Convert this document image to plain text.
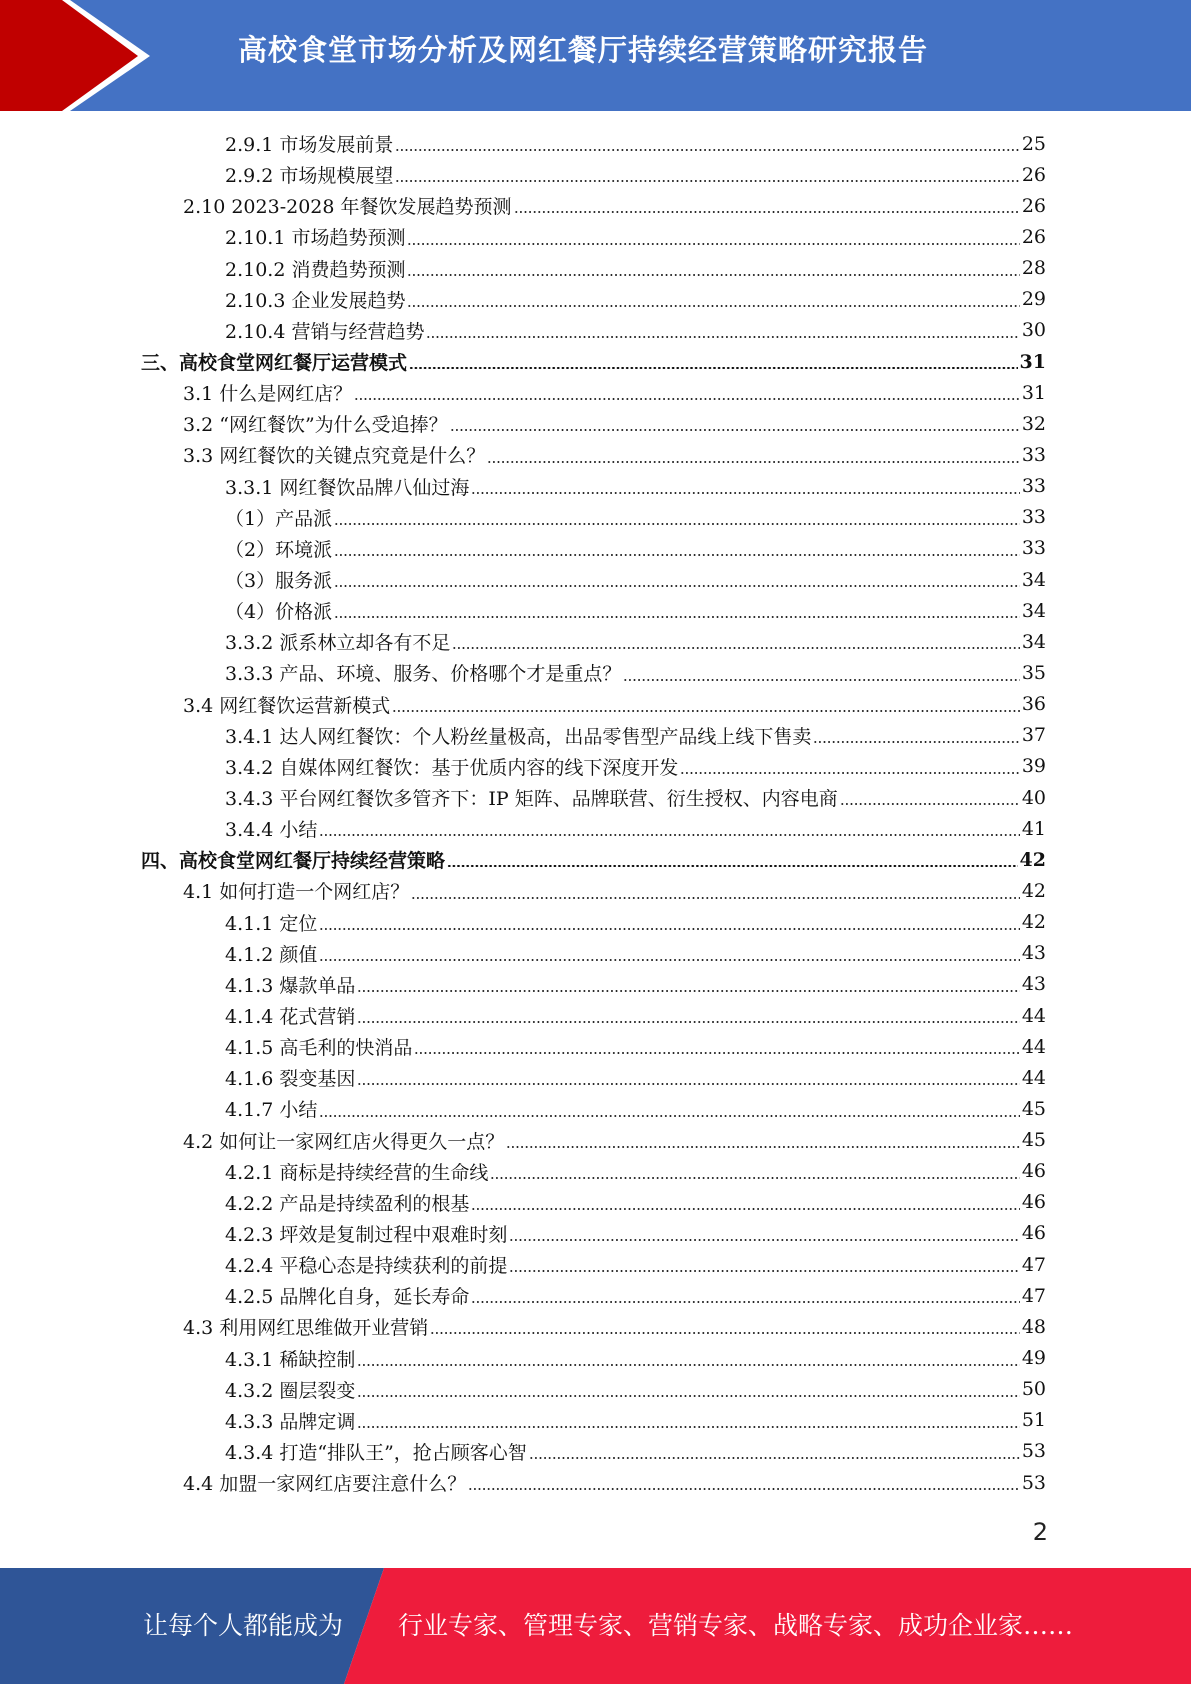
高校食堂市场分析及网红餐厅持续经营策略研究报告
2.9.1 市场发展前景	25
2.9.2 市场规模展望	26
2.10 2023-2028 年餐饮发展趋势预测	26
2.10.1 市场趋势预测	26
2.10.2 消费趋势预测	28
2.10.3 企业发展趋势	29
2.10.4 营销与经营趋势	30
三、高校食堂网红餐厅运营模式	31
3.1 什么是网红店？	31
3.2 “网红餐饮”为什么受追捧？	32
3.3 网红餐饮的关键点究竟是什么？	33
3.3.1 网红餐饮品牌八仙过海	33
（1）产品派	33
（2）环境派	33
（3）服务派	34
（4）价格派	34
3.3.2 派系林立却各有不足	34
3.3.3 产品、环境、服务、价格哪个才是重点？	35
3.4 网红餐饮运营新模式	36
3.4.1 达人网红餐饮：个人粉丝量极高，出品零售型产品线上线下售卖	37
3.4.2 自媒体网红餐饮：基于优质内容的线下深度开发	39
3.4.3 平台网红餐饮多管齐下：IP 矩阵、品牌联营、衍生授权、内容电商	40
3.4.4 小结	41
四、高校食堂网红餐厅持续经营策略	42
4.1 如何打造一个网红店？	42
4.1.1 定位	42
4.1.2 颜值	43
4.1.3 爆款单品	43
4.1.4 花式营销	44
4.1.5 高毛利的快消品	44
4.1.6 裂变基因	44
4.1.7 小结	45
4.2 如何让一家网红店火得更久一点？	45
4.2.1 商标是持续经营的生命线	46
4.2.2 产品是持续盈利的根基	46
4.2.3 坪效是复制过程中艰难时刻	46
4.2.4 平稳心态是持续获利的前提	47
4.2.5 品牌化自身，延长寿命	47
4.3 利用网红思维做开业营销	48
4.3.1 稀缺控制	49
4.3.2 圈层裂变	50
4.3.3 品牌定调	51
4.3.4 打造“排队王”，抢占顾客心智	53
4.4 加盟一家网红店要注意什么？	53
2
让每个人都能成为 行业专家、管理专家、营销专家、战略专家、成功企业家……
